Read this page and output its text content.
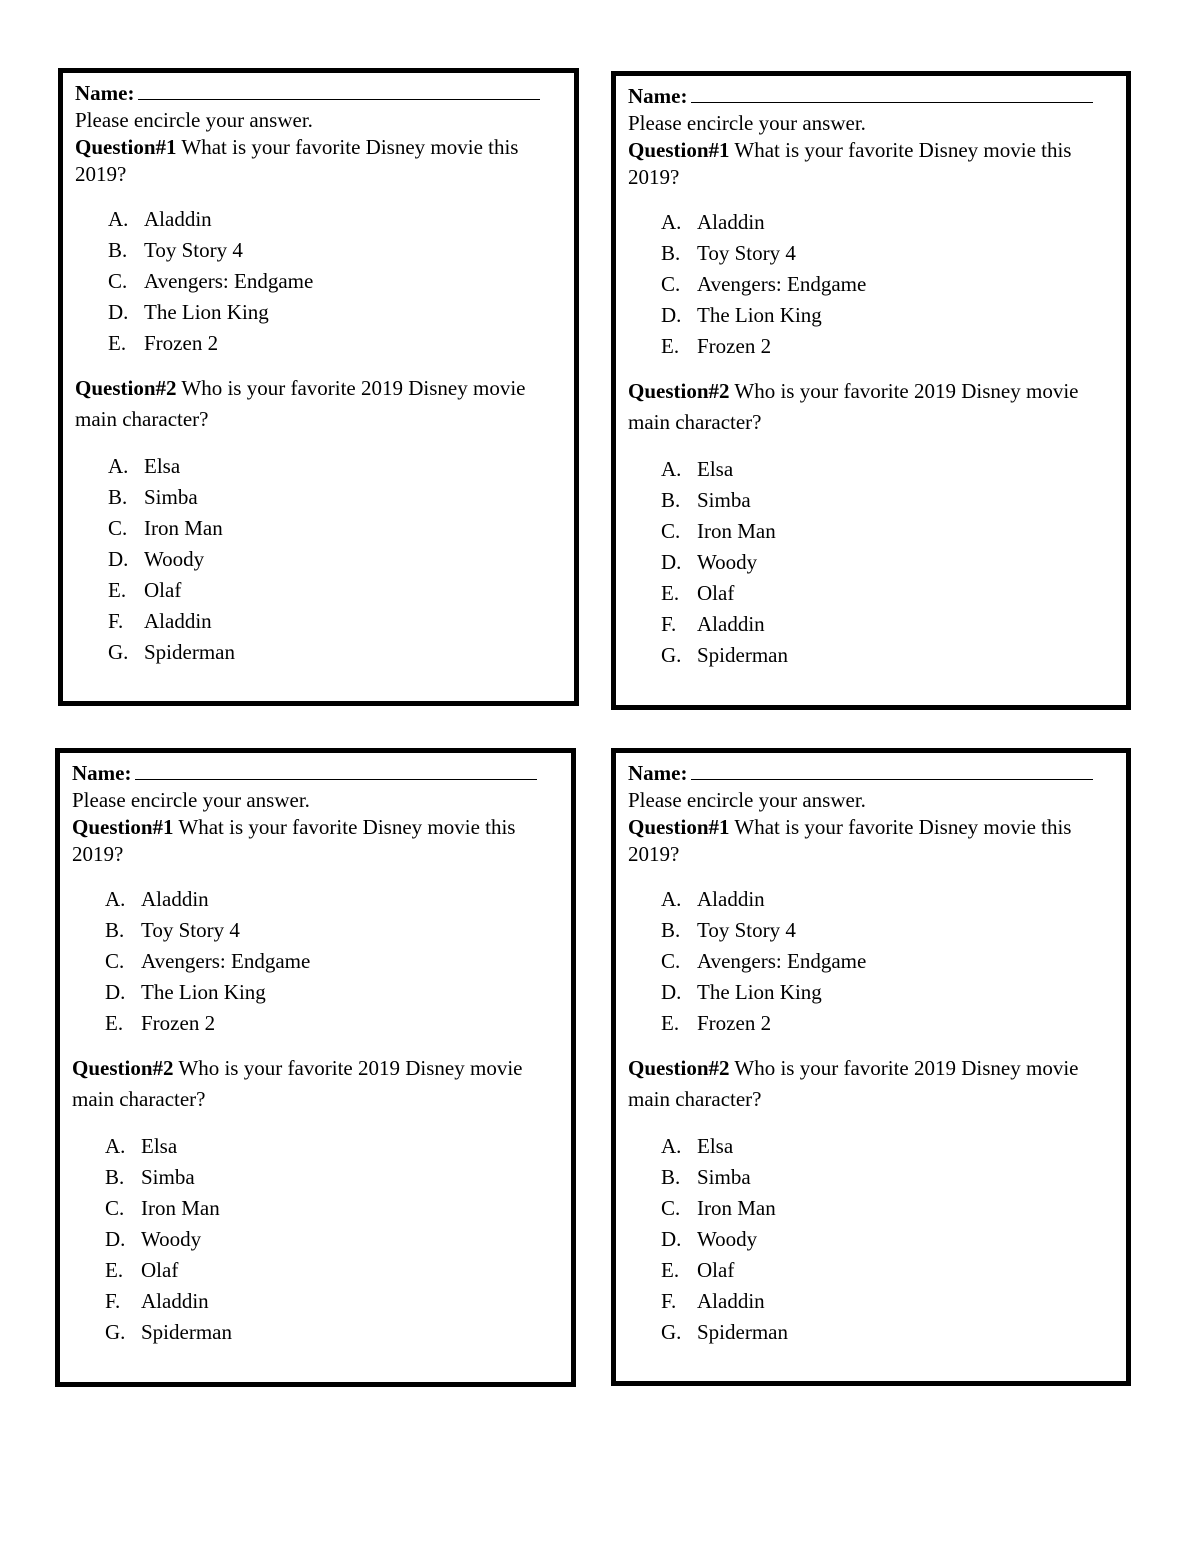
Name:
Please encircle your answer.
Question#1 What is your favorite Disney movie this 2019?
A. Aladdin
B. Toy Story 4
C. Avengers: Endgame
D. The Lion King
E. Frozen 2
Question#2 Who is your favorite 2019 Disney movie main character?
A. Elsa
B. Simba
C. Iron Man
D. Woody
E. Olaf
F. Aladdin
G. Spiderman
Name:
Please encircle your answer.
Question#1 What is your favorite Disney movie this 2019?
A. Aladdin
B. Toy Story 4
C. Avengers: Endgame
D. The Lion King
E. Frozen 2
Question#2 Who is your favorite 2019 Disney movie main character?
A. Elsa
B. Simba
C. Iron Man
D. Woody
E. Olaf
F. Aladdin
G. Spiderman
Name:
Please encircle your answer.
Question#1 What is your favorite Disney movie this 2019?
A. Aladdin
B. Toy Story 4
C. Avengers: Endgame
D. The Lion King
E. Frozen 2
Question#2 Who is your favorite 2019 Disney movie main character?
A. Elsa
B. Simba
C. Iron Man
D. Woody
E. Olaf
F. Aladdin
G. Spiderman
Name:
Please encircle your answer.
Question#1 What is your favorite Disney movie this 2019?
A. Aladdin
B. Toy Story 4
C. Avengers: Endgame
D. The Lion King
E. Frozen 2
Question#2 Who is your favorite 2019 Disney movie main character?
A. Elsa
B. Simba
C. Iron Man
D. Woody
E. Olaf
F. Aladdin
G. Spiderman
